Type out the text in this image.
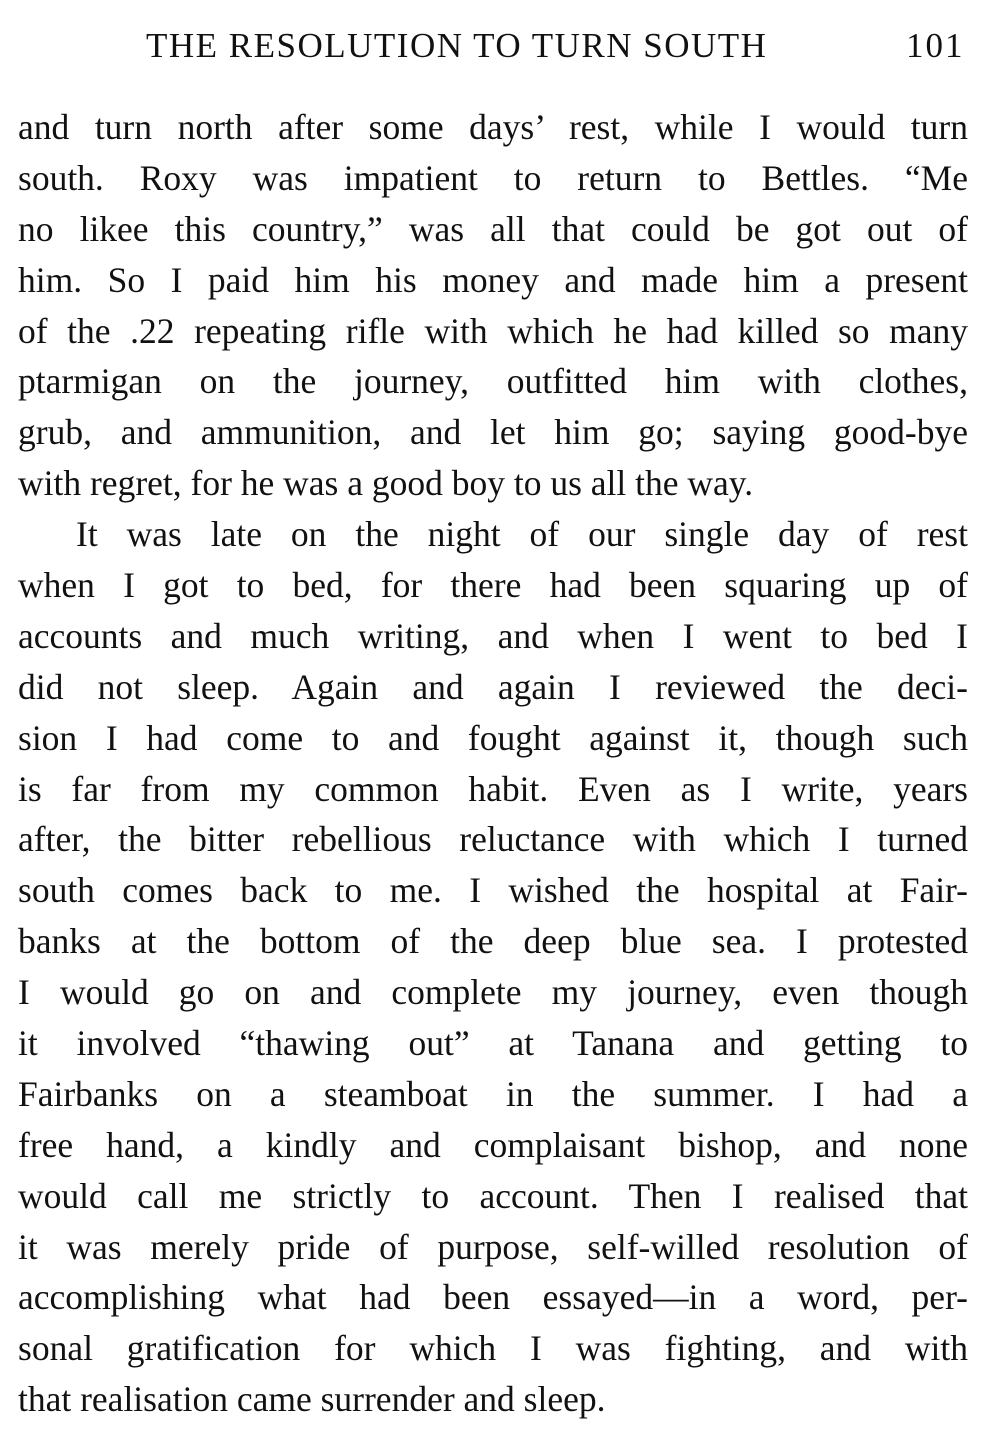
THE RESOLUTION TO TURN SOUTH	101
and turn north after some days’ rest, while I would turn
south. Roxy was impatient to return to Bettles. “Me
no likee this country,” was all that could be got out of
him. So I paid him his money and made him a present
of the .22 repeating rifle with which he had killed so many
ptarmigan on the journey, outfitted him with clothes,
grub, and ammunition, and let him go; saying good-bye
with regret, for he was a good boy to us all the way.
It was late on the night of our single day of rest
when I got to bed, for there had been squaring up of
accounts and much writing, and when I went to bed I
did not sleep. Again and again I reviewed the deci-
sion I had come to and fought against it, though such
is far from my common habit. Even as I write, years
after, the bitter rebellious reluctance with which I turned
south comes back to me. I wished the hospital at Fair-
banks at the bottom of the deep blue sea. I protested
I would go on and complete my journey, even though
it involved “thawing out” at Tanana and getting to
Fairbanks on a steamboat in the summer. I had a
free hand, a kindly and complaisant bishop, and none
would call me strictly to account. Then I realised that
it was merely pride of purpose, self-willed resolution of
accomplishing what had been essayed—in a word, per-
sonal gratification for which I was fighting, and with
that realisation came surrender and sleep.
